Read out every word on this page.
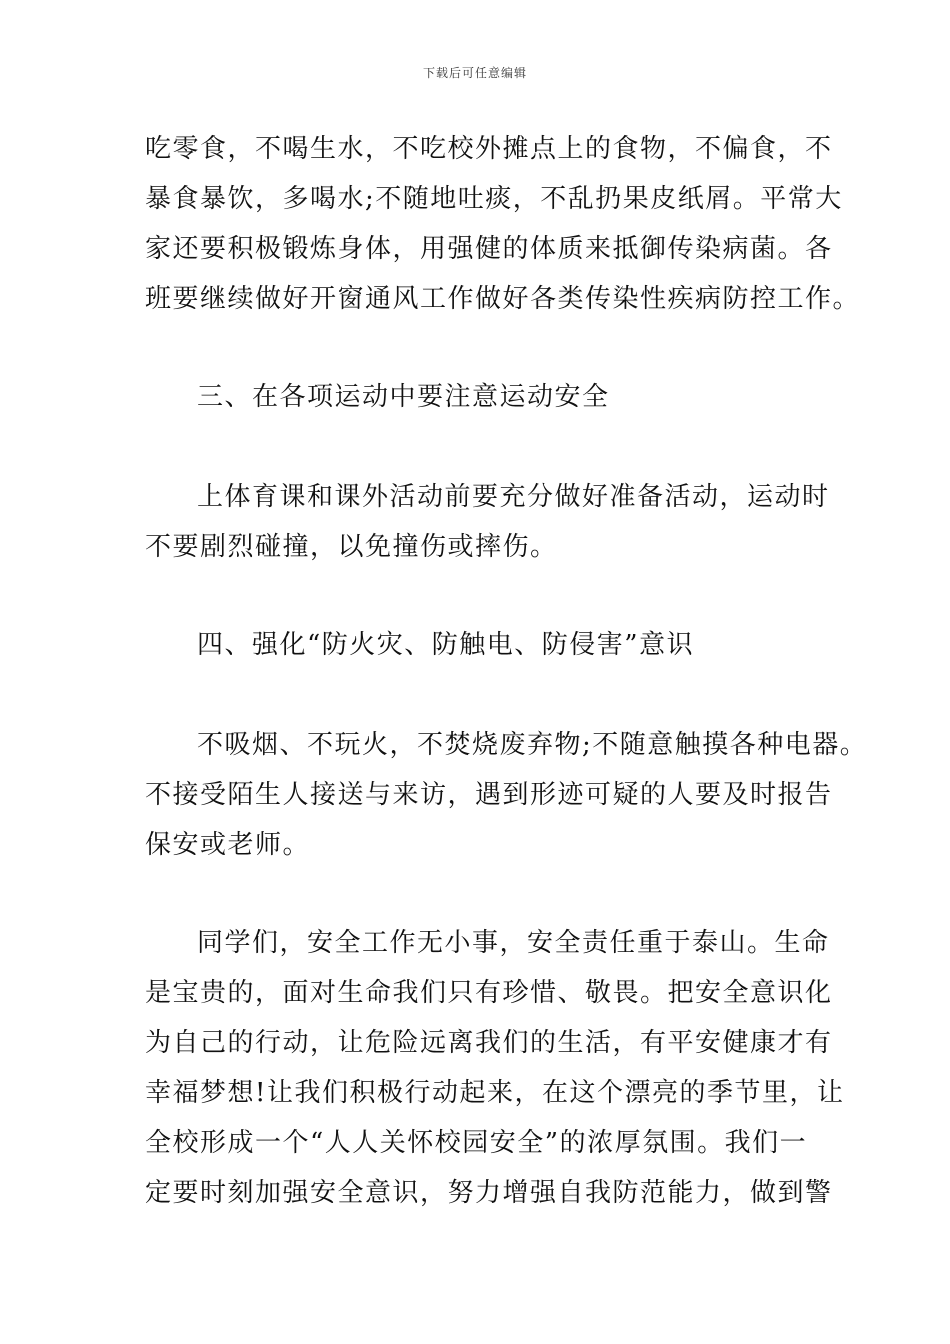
下载后可任意编辑
吃零食，不喝生水，不吃校外摊点上的食物，不偏食，不
暴食暴饮，多喝水;不随地吐痰，不乱扔果皮纸屑。平常大
家还要积极锻炼身体，用强健的体质来抵御传染病菌。各
班要继续做好开窗通风工作做好各类传染性疾病防控工作。
三、在各项运动中要注意运动安全
上体育课和课外活动前要充分做好准备活动，运动时
不要剧烈碰撞，以免撞伤或摔伤。
四、强化“防火灾、防触电、防侵害”意识
不吸烟、不玩火，不焚烧废弃物;不随意触摸各种电器。
不接受陌生人接送与来访，遇到形迹可疑的人要及时报告
保安或老师。
同学们，安全工作无小事，安全责任重于泰山。生命
是宝贵的，面对生命我们只有珍惜、敬畏。把安全意识化
为自己的行动，让危险远离我们的生活，有平安健康才有
幸福梦想!让我们积极行动起来，在这个漂亮的季节里，让
全校形成一个“人人关怀校园安全”的浓厚氛围。我们一
定要时刻加强安全意识，努力增强自我防范能力，做到警
